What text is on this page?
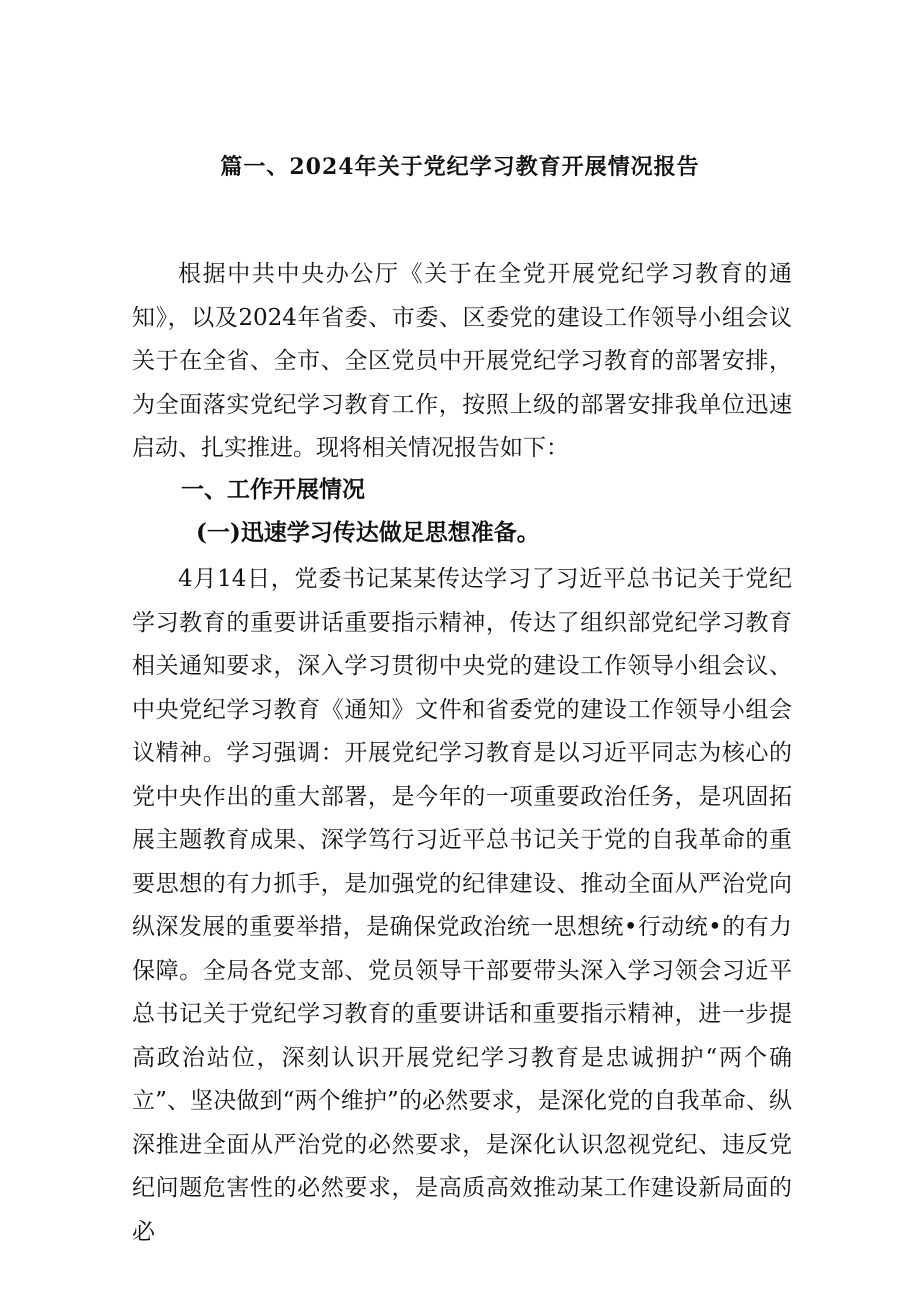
篇一、2024年关于党纪学习教育开展情况报告

根据中共中央办公厅《关于在全党开展党纪学习教育的通知》，以及2024年省委、市委、区委党的建设工作领导小组会议关于在全省、全市、全区党员中开展党纪学习教育的部署安排，为全面落实党纪学习教育工作，按照上级的部署安排我单位迅速启动、扎实推进。现将相关情况报告如下：

一、工作开展情况
(一)迅速学习传达做足思想准备。

4月14日，党委书记某某传达学习了习近平总书记关于党纪学习教育的重要讲话重要指示精神，传达了组织部党纪学习教育相关通知要求，深入学习贯彻中央党的建设工作领导小组会议、中央党纪学习教育《通知》文件和省委党的建设工作领导小组会议精神。学习强调：开展党纪学习教育是以习近平同志为核心的党中央作出的重大部署，是今年的一项重要政治任务，是巩固拓展主题教育成果、深学笃行习近平总书记关于党的自我革命的重要思想的有力抓手，是加强党的纪律建设、推动全面从严治党向纵深发展的重要举措，是确保党政治统一思想统•行动统•的有力保障。全局各党支部、党员领导干部要带头深入学习领会习近平总书记关于党纪学习教育的重要讲话和重要指示精神，进一步提高政治站位，深刻认识开展党纪学习教育是忠诚拥护“两个确立”、坚决做到“两个维护”的必然要求，是深化党的自我革命、纵深推进全面从严治党的必然要求，是深化认识忽视党纪、违反党纪问题危害性的必然要求，是高质高效推动某工作建设新局面的必
